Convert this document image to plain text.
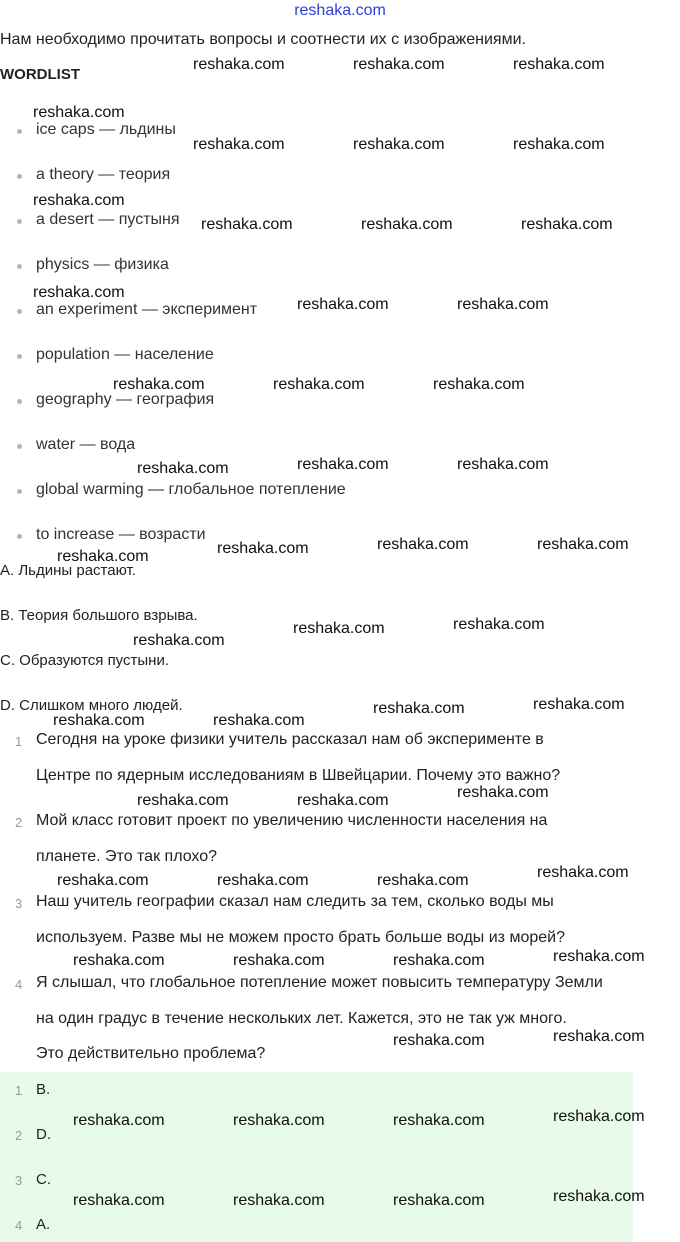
reshaka.com
Нам необходимо прочитать вопросы и соотнести их с изображениями.
WORDLIST
ice caps — льдины
a theory — теория
a desert — пустыня
physics — физика
an experiment — эксперимент
population — население
geography — география
water — вода
global warming — глобальное потепление
to increase — возрасти
A. Льдины растают.
B. Теория большого взрыва.
C. Образуются пустыни.
D. Слишком много людей.
1 Сегодня на уроке физики учитель рассказал нам об эксперименте в
Центре по ядерным исследованиям в Швейцарии. Почему это важно?
2 Мой класс готовит проект по увеличению численности населения на
планете. Это так плохо?
3 Наш учитель географии сказал нам следить за тем, сколько воды мы
используем. Разве мы не можем просто брать больше воды из морей?
4 Я слышал, что глобальное потепление может повысить температуру Земли
на один градус в течение нескольких лет. Кажется, это не так уж много.
Это действительно проблема?
1 B.
2 D.
3 C.
4 A.
reshaka.com	reshaka.com	reshaka.com
reshaka.com
reshaka.com	reshaka.com	reshaka.com
reshaka.com
reshaka.com	reshaka.com	reshaka.com
reshaka.com
reshaka.com	reshaka.com
reshaka.com	reshaka.com	reshaka.com
reshaka.com	reshaka.com	reshaka.com
reshaka.com	reshaka.com	reshaka.com	reshaka.com
reshaka.com
reshaka.com	reshaka.com
reshaka.com	reshaka.com
reshaka.com	reshaka.com
reshaka.com	reshaka.com	reshaka.com
reshaka.com	reshaka.com	reshaka.com	reshaka.com
reshaka.com	reshaka.com	reshaka.com	reshaka.com
reshaka.com	reshaka.com
reshaka.com	reshaka.com	reshaka.com	reshaka.com
reshaka.com	reshaka.com	reshaka.com	reshaka.com
